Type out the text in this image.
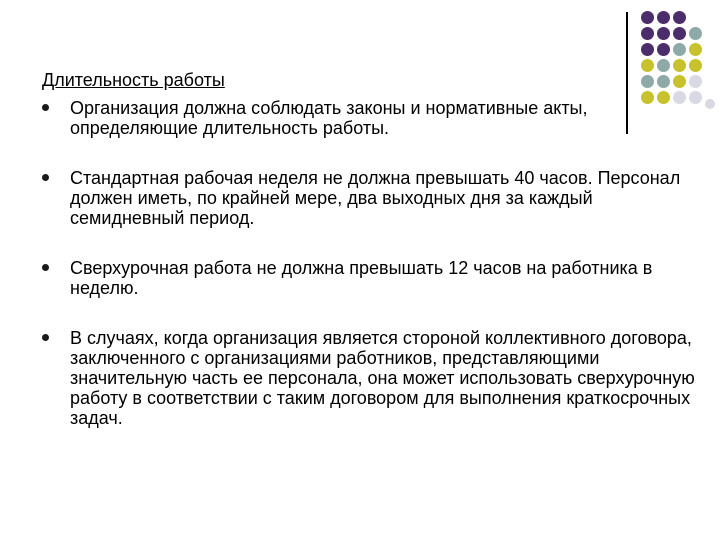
Длительность работы

Организация должна соблюдать законы и нормативные акты, определяющие длительность работы.

Стандартная рабочая неделя не должна превышать 40 часов. Персонал должен иметь, по крайней мере, два выходных дня за каждый семидневный период.

Сверхурочная работа не должна превышать 12 часов на работника в неделю.

В случаях, когда организация является стороной коллективного договора, заключенного с организациями работников, представляющими значительную часть ее персонала, она может использовать сверхурочную работу в соответствии с таким договором для выполнения краткосрочных задач.
